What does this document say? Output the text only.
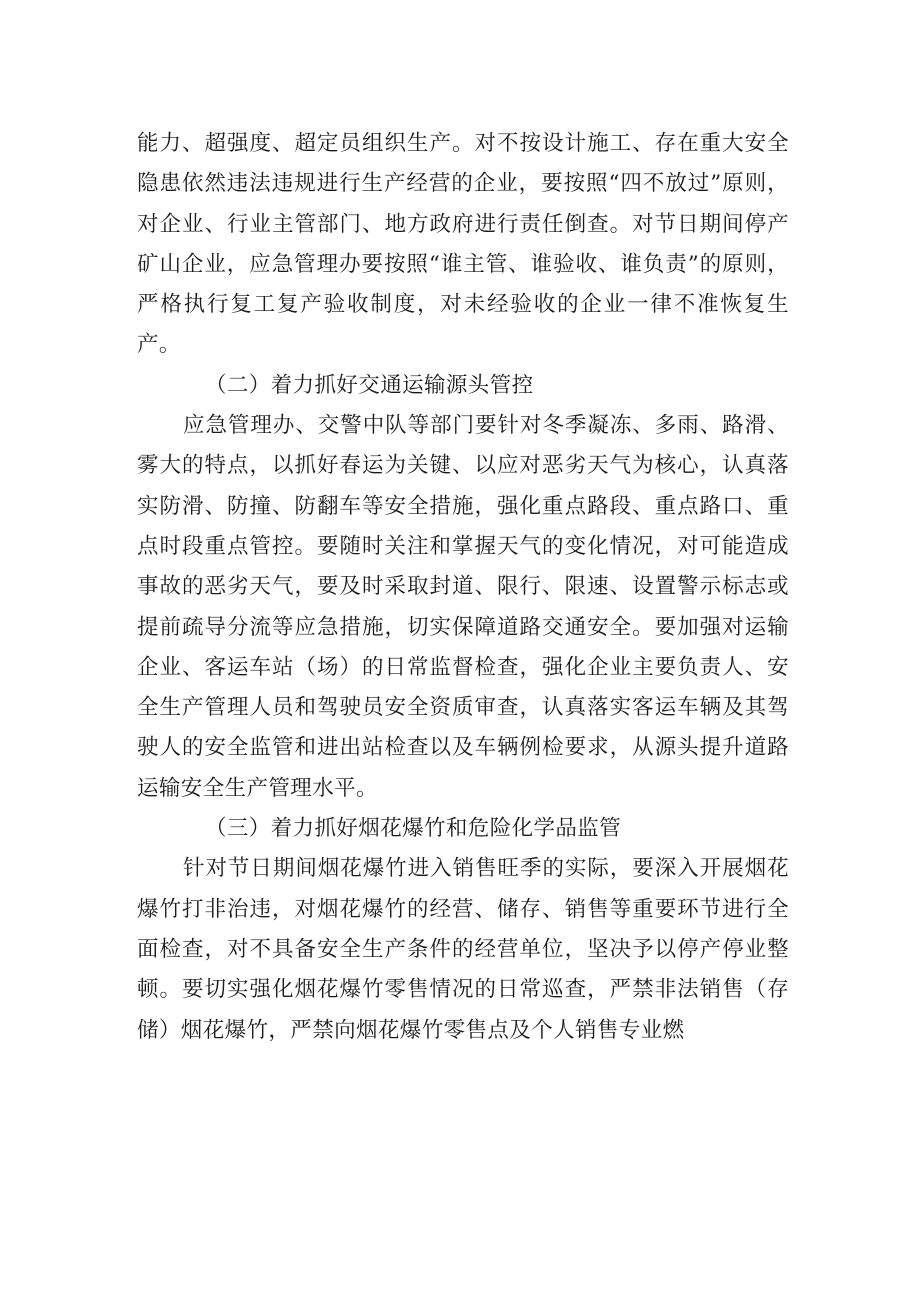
能力、超强度、超定员组织生产。对不按设计施工、存在重大安全隐患依然违法违规进行生产经营的企业，要按照“四不放过”原则，对企业、行业主管部门、地方政府进行责任倒查。对节日期间停产矿山企业，应急管理办要按照“谁主管、谁验收、谁负责”的原则，严格执行复工复产验收制度，对未经验收的企业一律不准恢复生产。

（二）着力抓好交通运输源头管控

应急管理办、交警中队等部门要针对冬季凝冻、多雨、路滑、雾大的特点，以抓好春运为关键、以应对恶劣天气为核心，认真落实防滑、防撞、防翻车等安全措施，强化重点路段、重点路口、重点时段重点管控。要随时关注和掌握天气的变化情况，对可能造成事故的恶劣天气，要及时采取封道、限行、限速、设置警示标志或提前疏导分流等应急措施，切实保障道路交通安全。要加强对运输企业、客运车站（场）的日常监督检查，强化企业主要负责人、安全生产管理人员和驾驶员安全资质审查，认真落实客运车辆及其驾驶人的安全监管和进出站检查以及车辆例检要求，从源头提升道路运输安全生产管理水平。

（三）着力抓好烟花爆竹和危险化学品监管

针对节日期间烟花爆竹进入销售旺季的实际，要深入开展烟花爆竹打非治违，对烟花爆竹的经营、储存、销售等重要环节进行全面检查，对不具备安全生产条件的经营单位，坚决予以停产停业整顿。要切实强化烟花爆竹零售情况的日常巡查，严禁非法销售（存储）烟花爆竹，严禁向烟花爆竹零售点及个人销售专业燃
